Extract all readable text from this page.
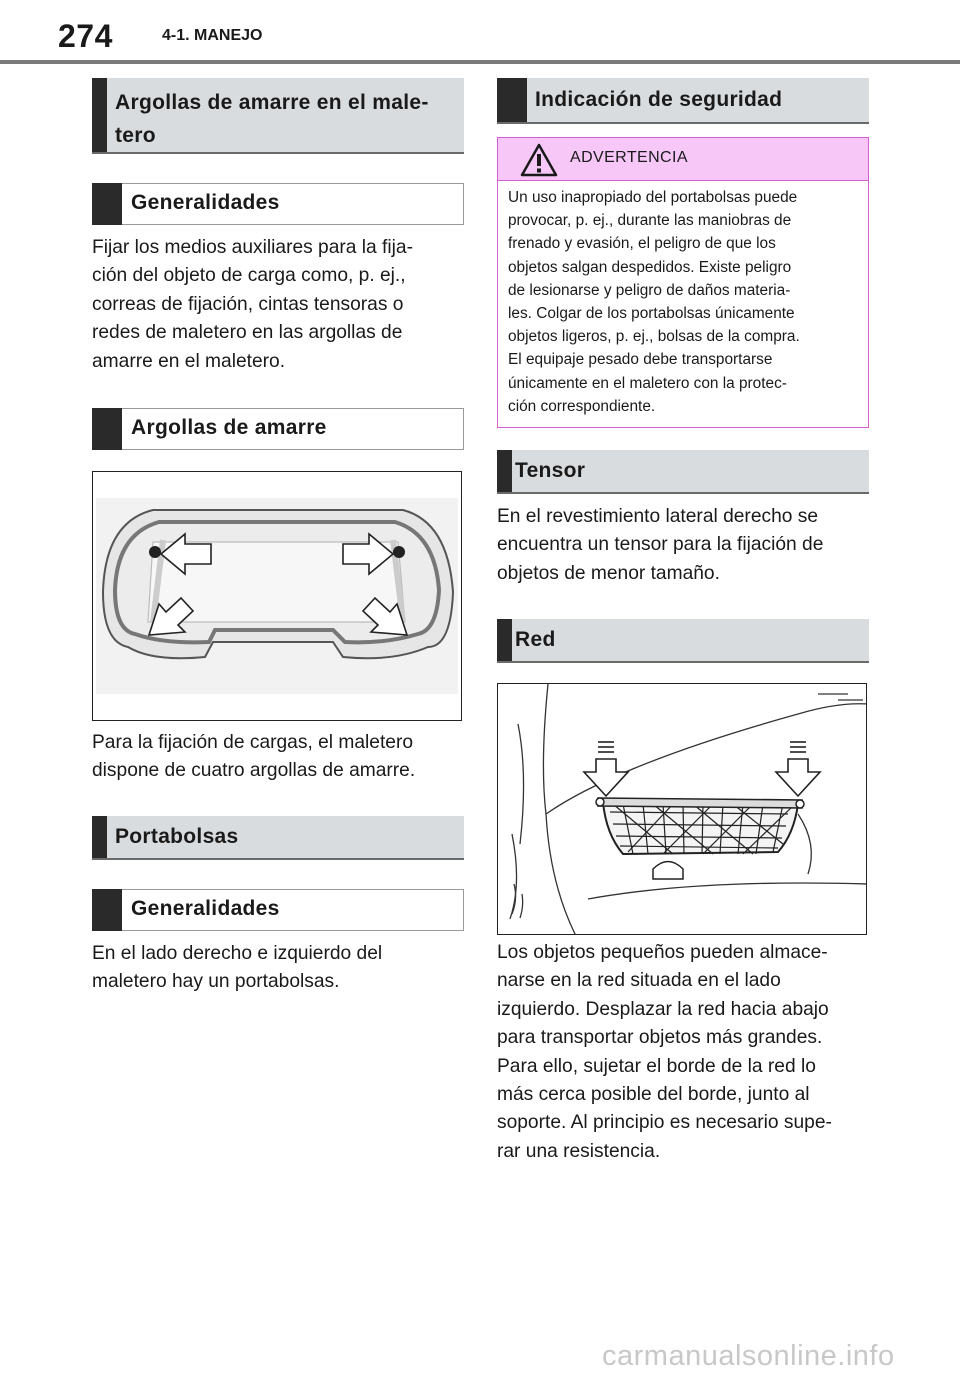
274	4-1. MANEJO
Argollas de amarre en el male-
tero
Generalidades
Fijar los medios auxiliares para la fija-
ción del objeto de carga como, p. ej.,
correas de fijación, cintas tensoras o
redes de maletero en las argollas de
amarre en el maletero.
Argollas de amarre
Para la fijación de cargas, el maletero
dispone de cuatro argollas de amarre.
Portabolsas
Generalidades
En el lado derecho e izquierdo del
maletero hay un portabolsas.
Indicación de seguridad
ADVERTENCIA
Un uso inapropiado del portabolsas puede
provocar, p. ej., durante las maniobras de
frenado y evasión, el peligro de que los
objetos salgan despedidos. Existe peligro
de lesionarse y peligro de daños materia-
les. Colgar de los portabolsas únicamente
objetos ligeros, p. ej., bolsas de la compra.
El equipaje pesado debe transportarse
únicamente en el maletero con la protec-
ción correspondiente.
Tensor
En el revestimiento lateral derecho se
encuentra un tensor para la fijación de
objetos de menor tamaño.
Red
Los objetos pequeños pueden almace-
narse en la red situada en el lado
izquierdo. Desplazar la red hacia abajo
para transportar objetos más grandes.
Para ello, sujetar el borde de la red lo
más cerca posible del borde, junto al
soporte. Al principio es necesario supe-
rar una resistencia.
carmanualsonline.info
